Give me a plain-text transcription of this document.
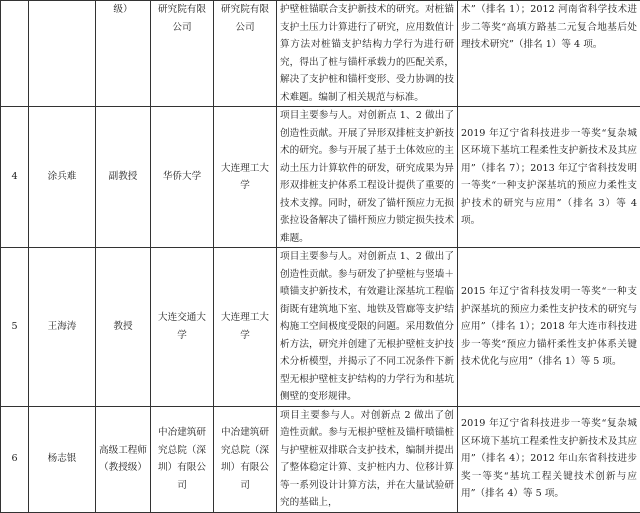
		级）	研究院有限公司	研究院有限公司	护壁桩锚联合支护新技术的研究。对桩锚支护土压力计算进行了研究，应用数值计算方法对桩锚支护结构力学行为进行研究，得出了桩与锚杆承载力的匹配关系，解决了支护桩和锚杆变形、受力协调的技术难题。编制了相关规范与标准。	术”（排名 1）；2012 河南省科学技术进步二等奖“高填方路基二元复合地基后处理技术研究”（排名 1）等 4 项。
4	涂兵难	副教授	华侨大学	大连理工大学	项目主要参与人。对创新点 1、2 做出了创造性贡献。开展了异形双排桩支护新技术的研究。参与开展了基于土体效应的主动土压力计算软件的研发，研究成果为异形双排桩支护体系工程设计提供了重要的技术支撑。同时，研发了锚杆预应力无损张拉设备解决了锚杆预应力锁定损失技术难题。	2019 年辽宁省科技进步一等奖“复杂城区环境下基坑工程柔性支护新技术及其应用”（排名 7）；2013 年辽宁省科技发明一等奖“一种支护深基坑的预应力柔性支护技术的研究与应用”（排名 3）等 4 项。
5	王海涛	教授	大连交通大学	大连理工大学	项目主要参与人。对创新点 1、2 做出了创造性贡献。参与研发了护壁桩与竖墙＋喷锚支护新技术，有效避让深基坑工程临街既有建筑地下室、地铁及管廊等支护结构施工空间极度受限的问题。采用数值分析方法，研究并创建了无根护壁桩支护技术分析模型，并揭示了不同工况条件下新型无根护壁桩支护结构的力学行为和基坑侧壁的变形规律。	2015 年辽宁省科技发明一等奖“一种支护深基坑的预应力柔性支护技术的研究与应用”（排名 1）；2018 年大连市科技进步一等奖“预应力锚杆柔性支护体系关键技术优化与应用”（排名 1）等 5 项。
6	杨志银	高级工程师（教授级）	中冶建筑研究总院（深圳）有限公司	中冶建筑研究总院（深圳）有限公司	项目主要参与人。对创新点 2 做出了创造性贡献。参与无根护壁桩及锚杆喷锚桩与护壁桩双排联合支护技术，编制并提出了整体稳定计算、支护桩内力、位移计算等一系列设计计算方法，并在大量试验研究的基础上，	2019 年辽宁省科技进步一等奖“复杂城区环境下基坑工程柔性支护新技术及其应用”（排名 4）；2012 年山东省科技进步奖一等奖“基坑工程关键技术创新与应用”（排名 4）等 5 项。
